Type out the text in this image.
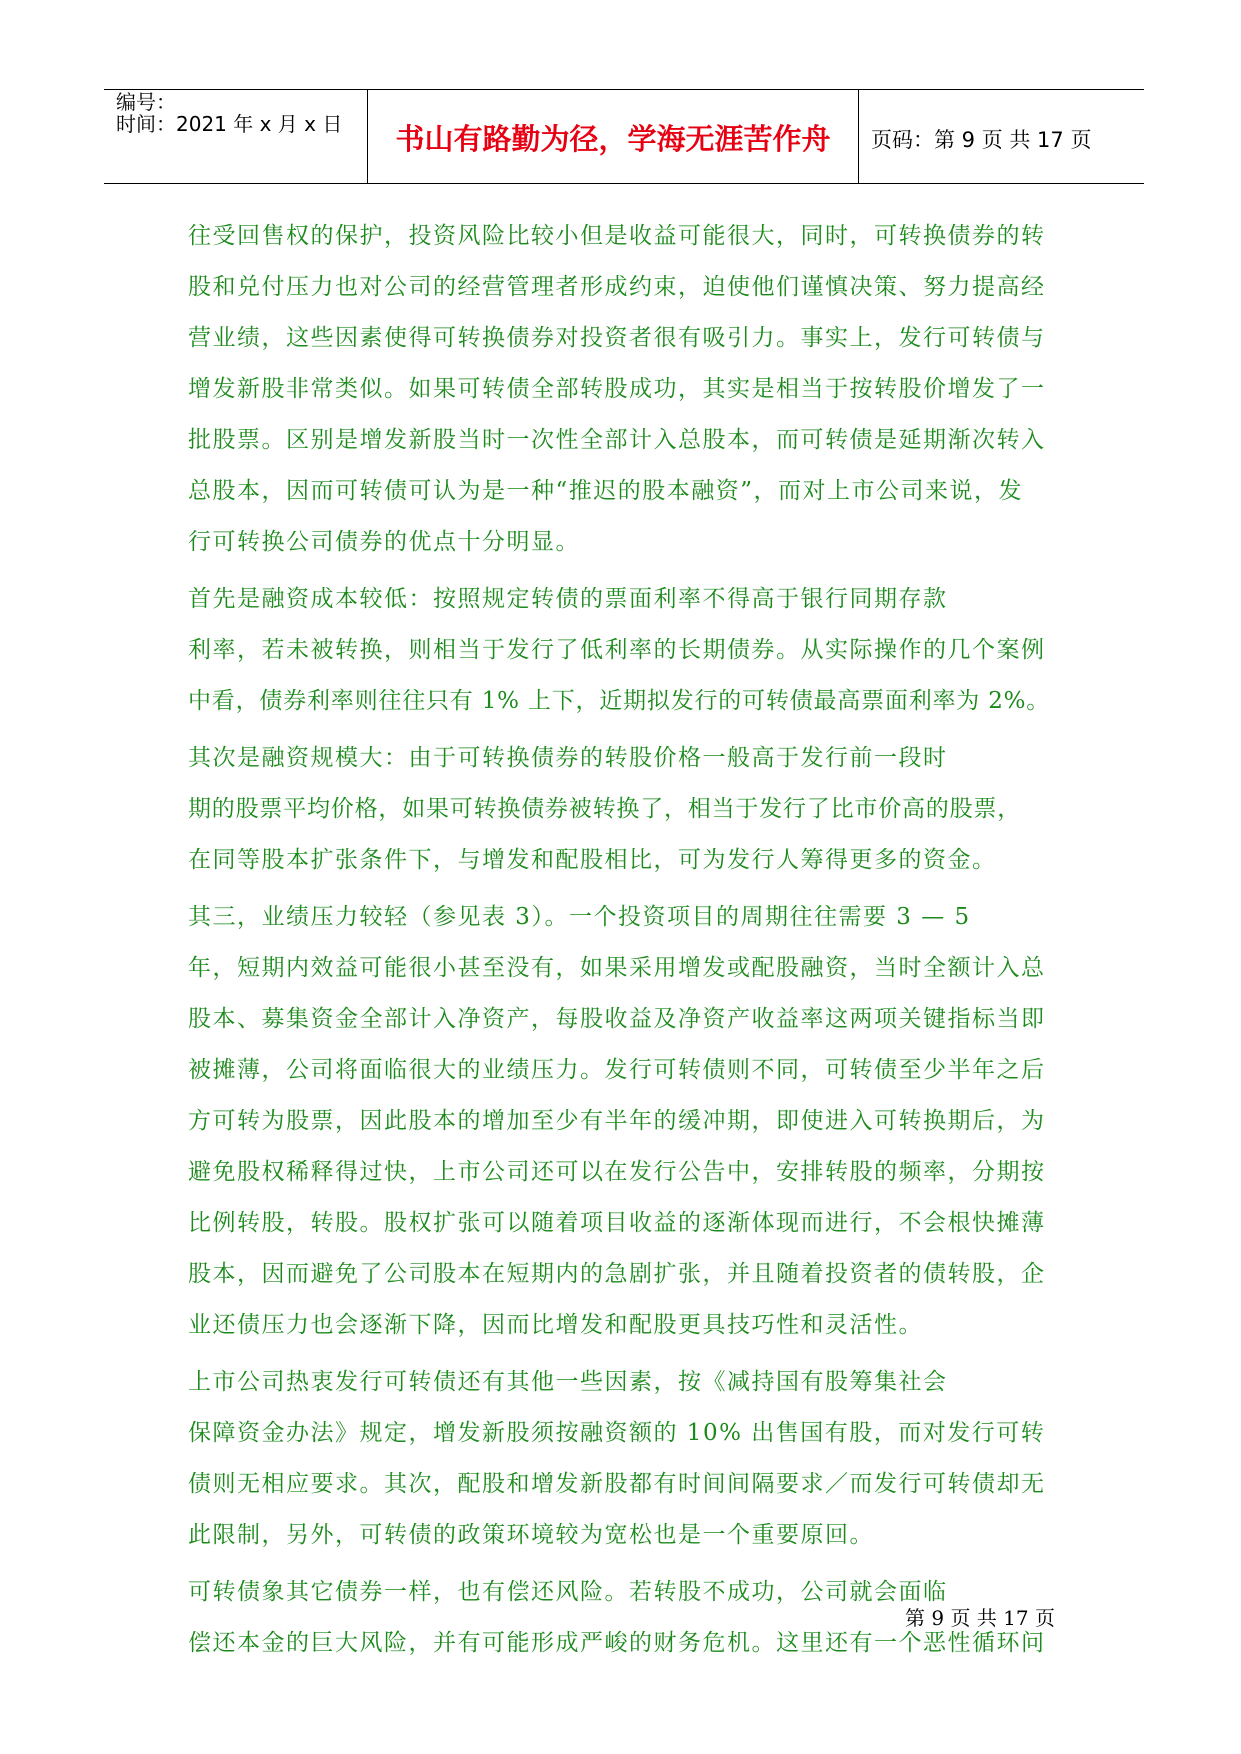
编号：
时间：2021 年 x 月 x 日	书山有路勤为径，学海无涯苦作舟	页码：第 9 页 共 17 页
往受回售权的保护，投资风险比较小但是收益可能很大，同时，可转换债券的转
股和兑付压力也对公司的经营管理者形成约束，迫使他们谨慎决策、努力提高经
营业绩，这些因素使得可转换债券对投资者很有吸引力。事实上，发行可转债与
增发新股非常类似。如果可转债全部转股成功，其实是相当于按转股价增发了一
批股票。区别是增发新股当时一次性全部计入总股本，而可转债是延期渐次转入
总股本，因而可转债可认为是一种“推迟的股本融资”，而对上市公司来说，发
行可转换公司债券的优点十分明显。
首先是融资成本较低：按照规定转债的票面利率不得高于银行同期存款
利率，若未被转换，则相当于发行了低利率的长期债券。从实际操作的几个案例
中看，债券利率则往往只有 1% 上下，近期拟发行的可转债最高票面利率为 2%。
其次是融资规模大：由于可转换债券的转股价格一般高于发行前一段时
期的股票平均价格，如果可转换债券被转换了，相当于发行了比市价高的股票，
在同等股本扩张条件下，与增发和配股相比，可为发行人筹得更多的资金。
其三，业绩压力较轻（参见表 3）。一个投资项目的周期往往需要 3 — 5
年，短期内效益可能很小甚至没有，如果采用增发或配股融资，当时全额计入总
股本、募集资金全部计入净资产，每股收益及净资产收益率这两项关键指标当即
被摊薄，公司将面临很大的业绩压力。发行可转债则不同，可转债至少半年之后
方可转为股票，因此股本的增加至少有半年的缓冲期，即使进入可转换期后，为
避免股权稀释得过快，上市公司还可以在发行公告中，安排转股的频率，分期按
比例转股，转股。股权扩张可以随着项目收益的逐渐体现而进行，不会根快摊薄
股本，因而避免了公司股本在短期内的急剧扩张，并且随着投资者的债转股，企
业还债压力也会逐渐下降，因而比增发和配股更具技巧性和灵活性。
上市公司热衷发行可转债还有其他一些因素，按《减持国有股筹集社会
保障资金办法》规定，增发新股须按融资额的 10% 出售国有股，而对发行可转
债则无相应要求。其次，配股和增发新股都有时间间隔要求／而发行可转债却无
此限制，另外，可转债的政策环境较为宽松也是一个重要原回。
可转债象其它债券一样，也有偿还风险。若转股不成功，公司就会面临
偿还本金的巨大风险，并有可能形成严峻的财务危机。这里还有一个恶性循环问
第 9 页 共 17 页
